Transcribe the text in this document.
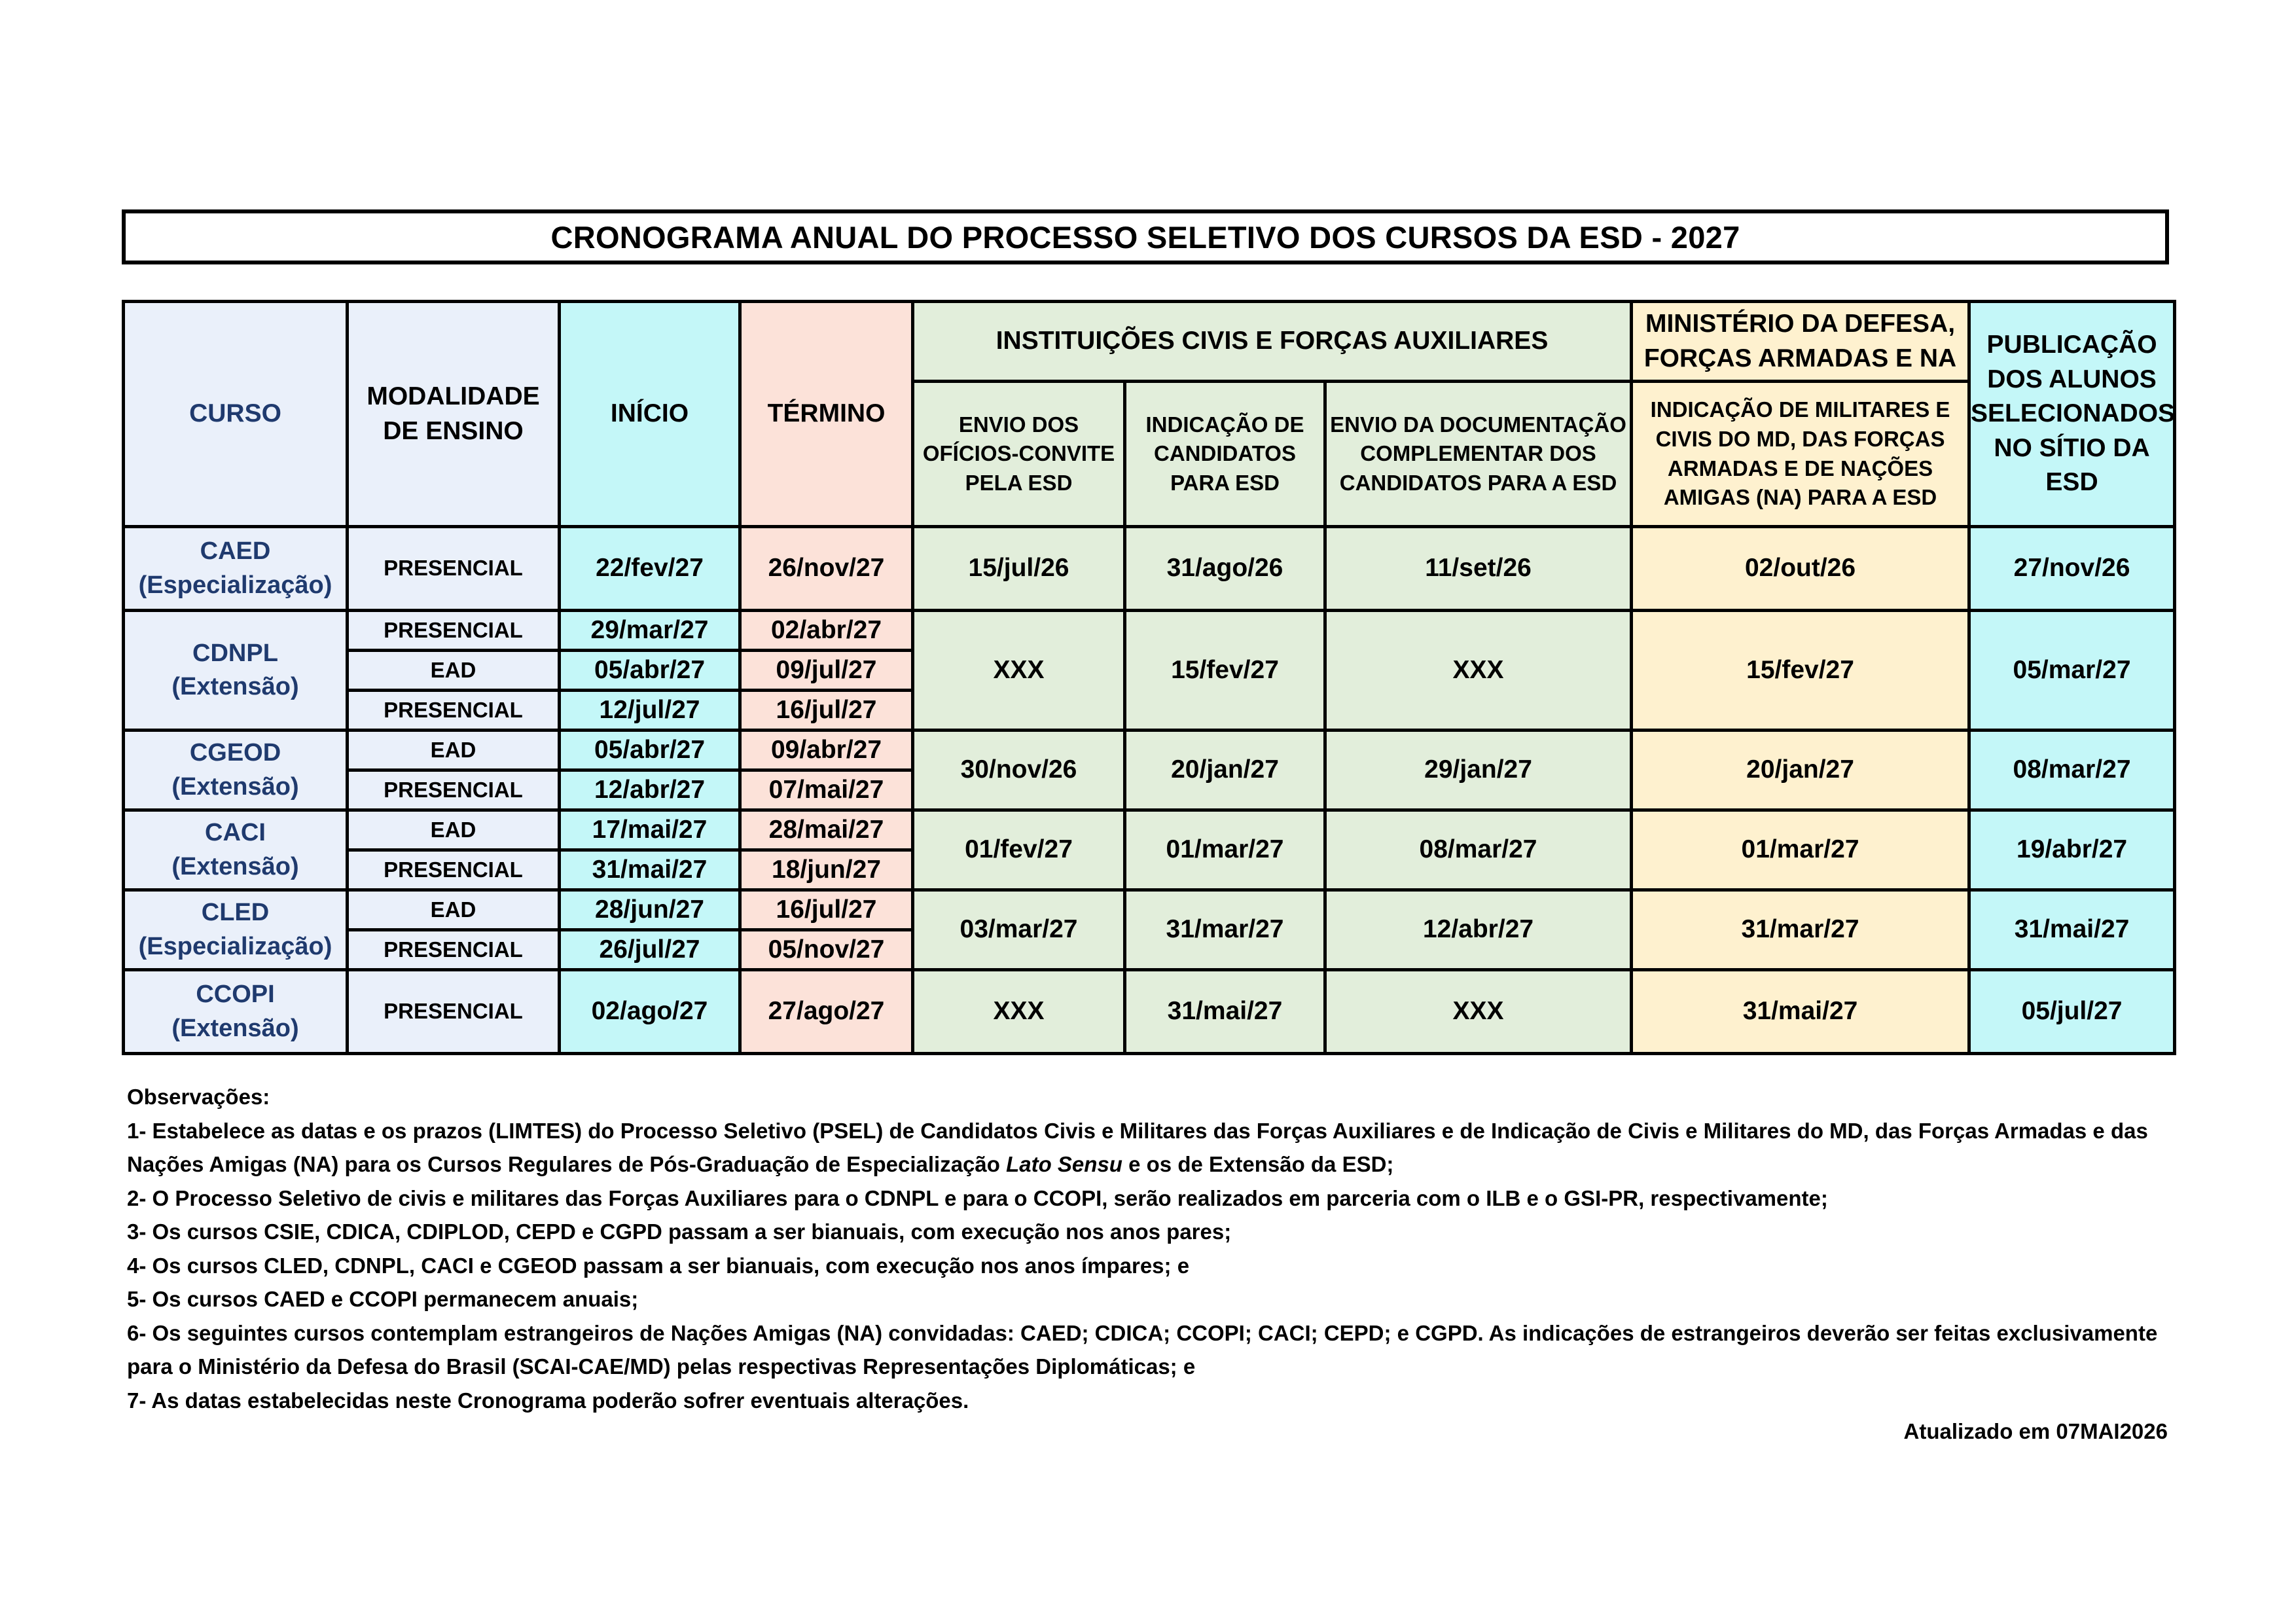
CRONOGRAMA ANUAL DO PROCESSO SELETIVO DOS CURSOS DA ESD - 2027
CURSO	MODALIDADE DE ENSINO	INÍCIO	TÉRMINO	INSTITUIÇÕES CIVIS E FORÇAS AUXILIARES			MINISTÉRIO DA DEFESA, FORÇAS ARMADAS E NA	PUBLICAÇÃO DOS ALUNOS SELECIONADOS NO SÍTIO DA ESD
				ENVIO DOS OFÍCIOS-CONVITE PELA ESD	INDICAÇÃO DE CANDIDATOS PARA ESD	ENVIO DA DOCUMENTAÇÃO COMPLEMENTAR DOS CANDIDATOS PARA A ESD	INDICAÇÃO DE MILITARES E CIVIS DO MD, DAS FORÇAS ARMADAS E DE NAÇÕES AMIGAS (NA) PARA A ESD	

CAED
(Especialização)	PRESENCIAL	22/fev/27	26/nov/27	15/jul/26	31/ago/26	11/set/26	02/out/26	27/nov/26

CDNPL
(Extensão)	PRESENCIAL	29/mar/27	02/abr/27	XXX	15/fev/27	XXX	15/fev/27	05/mar/27
	EAD	05/abr/27	09/jul/27					
	PRESENCIAL	12/jul/27	16/jul/27					

CGEOD
(Extensão)	EAD	05/abr/27	09/abr/27	30/nov/26	20/jan/27	29/jan/27	20/jan/27	08/mar/27
	PRESENCIAL	12/abr/27	07/mai/27					

CACI
(Extensão)	EAD	17/mai/27	28/mai/27	01/fev/27	01/mar/27	08/mar/27	01/mar/27	19/abr/27
	PRESENCIAL	31/mai/27	18/jun/27					

CLED
(Especialização)	EAD	28/jun/27	16/jul/27	03/mar/27	31/mar/27	12/abr/27	31/mar/27	31/mai/27
	PRESENCIAL	26/jul/27	05/nov/27					

CCOPI
(Extensão)	PRESENCIAL	02/ago/27	27/ago/27	XXX	31/mai/27	XXX	31/mai/27	05/jul/27

Observações:

1- Estabelece as datas e os prazos (LIMTES) do Processo Seletivo (PSEL) de Candidatos Civis e Militares das Forças Auxiliares e de Indicação de Civis e Militares do MD, das Forças Armadas e das Nações Amigas (NA) para os Cursos Regulares de Pós-Graduação de Especialização Lato Sensu e os de Extensão da ESD;

2- O Processo Seletivo de civis e militares das Forças Auxiliares para o CDNPL e para o CCOPI, serão realizados em parceria com o ILB e o GSI-PR, respectivamente;

3- Os cursos CSIE, CDICA, CDIPLOD, CEPD e CGPD passam a ser bianuais, com execução nos anos pares;

4- Os cursos CLED, CDNPL, CACI e CGEOD passam a ser bianuais, com execução nos anos ímpares; e

5- Os cursos CAED e CCOPI permanecem anuais;

6- Os seguintes cursos contemplam estrangeiros de Nações Amigas (NA) convidadas: CAED; CDICA; CCOPI; CACI; CEPD; e CGPD. As indicações de estrangeiros deverão ser feitas exclusivamente para o Ministério da Defesa do Brasil (SCAI-CAE/MD) pelas respectivas Representações Diplomáticas; e

7- As datas estabelecidas neste Cronograma poderão sofrer eventuais alterações.

Atualizado em 07MAI2026
